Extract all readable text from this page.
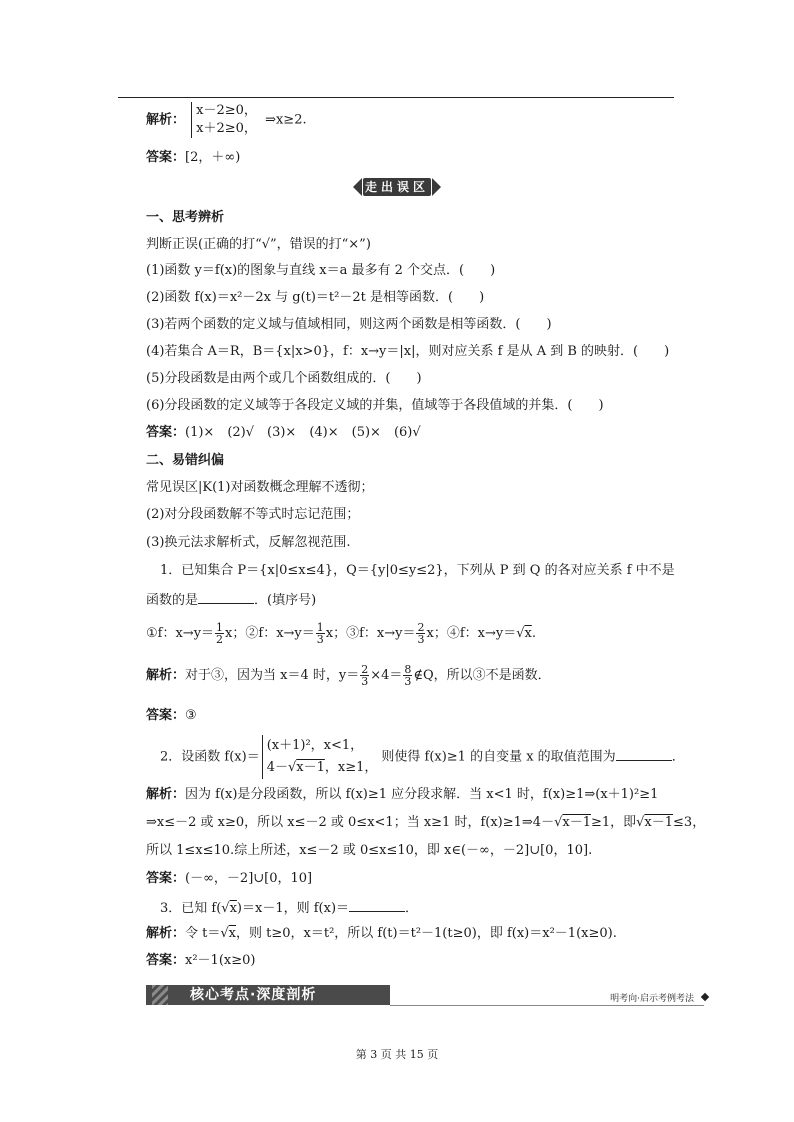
解析： x－2≥0，
x＋2≥0， ⇒x≥2.
答案：[2，＋∞)
走出误区
一、思考辨析
判断正误(正确的打“√”，错误的打“×”)
(1)函数 y＝f(x)的图象与直线 x＝a 最多有 2 个交点．(　　)
(2)函数 f(x)＝x²－2x 与 g(t)＝t²－2t 是相等函数．(　　)
(3)若两个函数的定义域与值域相同，则这两个函数是相等函数．(　　)
(4)若集合 A＝R，B＝{x|x>0}，f：x→y＝|x|，则对应关系 f 是从 A 到 B 的映射．(　　)
(5)分段函数是由两个或几个函数组成的．(　　)
(6)分段函数的定义域等于各段定义域的并集，值域等于各段值域的并集．(　　)
答案：(1)×　(2)√　(3)×　(4)×　(5)×　(6)√
二、易错纠偏
常见误区|K(1)对函数概念理解不透彻；
(2)对分段函数解不等式时忘记范围；
(3)换元法求解析式，反解忽视范围.
1．已知集合 P＝{x|0≤x≤4}，Q＝{y|0≤y≤2}，下列从 P 到 Q 的各对应关系 f 中不是
函数的是	．(填序号)
①f：$x\to y= \frac{1}{2}$ x；②f：$x\to y= \frac{1}{3}$ x；③f：$x\to y= \frac{2}{3}$ x；④f：x→y＝√x.
解析：对于③，因为当 x＝4 时，$y= \frac{2}{3} \times 4= \frac{8}{3}$ ∉Q，所以③不是函数．
答案：③
2．设函数 f(x)＝(x＋1)²，x<1，
4－√x－1，x≥1，则使得 f(x)≥1 的自变量 x 的取值范围为	．
解析：因为 f(x)是分段函数，所以 f(x)≥1 应分段求解．当 x<1 时，f(x)≥1⇒(x＋1)²≥1
⇒x≤－2 或 x≥0，所以 x≤－2 或 0≤x<1；当 x≥1 时，f(x)≥1⇒4－√x－1≥1，即√x－1≤3，
所以 1≤x≤10.综上所述，x≤－2 或 0≤x≤10，即 x∈(－∞，－2]∪[0，10].
答案：(－∞，－2]∪[0，10]
3．已知 f(√x)＝x－1，则 f(x)＝	．
解析：令 t＝√x，则 t≥0，x＝t²，所以 f(t)＝t²－1(t≥0)，即 f(x)＝x²－1(x≥0).
答案：x²－1(x≥0)
核心考点·深度剖析	明考向·启示考例考法
第 3 页 共 15 页
